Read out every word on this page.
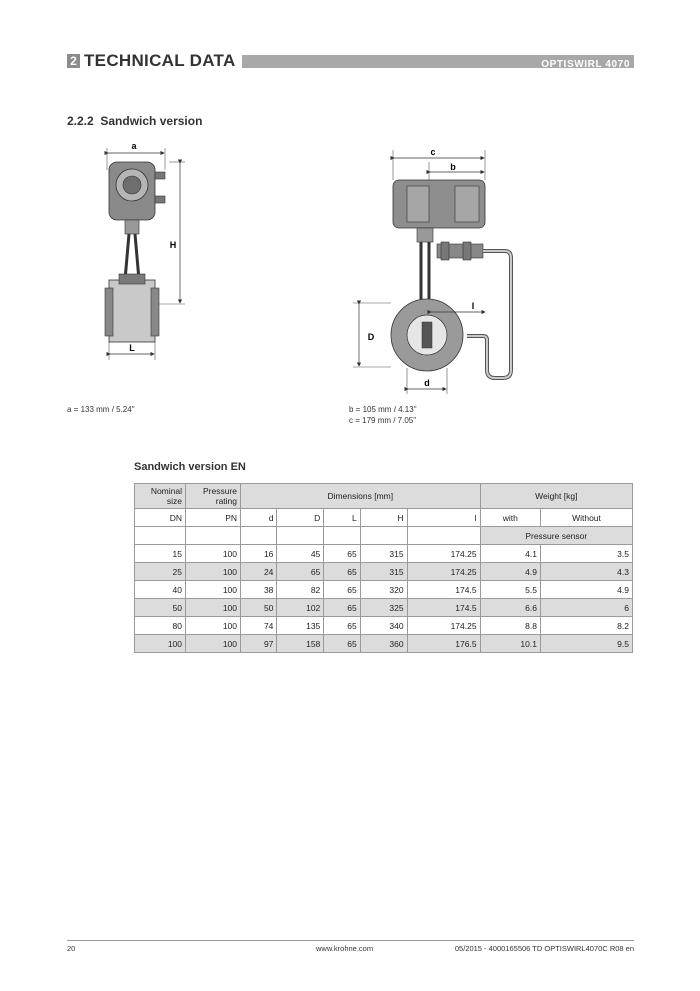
2 TECHNICAL DATA	OPTISWIRL 4070
2.2.2 Sandwich version
a
H
L
c
b
l
D
d
a = 133 mm / 5.24"	b = 105 mm / 4.13"
c = 179 mm / 7.05"
Sandwich version EN
Nominal size	Pressure rating	Dimensions [mm]					Weight [kg]	
DN	PN	d	D	L	H	l	with	Without
							Pressure sensor	
15	100	16	45	65	315	174.25	4.1	3.5
25	100	24	65	65	315	174.25	4.9	4.3
40	100	38	82	65	320	174.5	5.5	4.9
50	100	50	102	65	325	174.5	6.6	6
80	100	74	135	65	340	174.25	8.8	8.2
100	100	97	158	65	360	176.5	10.1	9.5
20	www.krohne.com	05/2015 - 4000165506 TD OPTISWIRL4070C R08 en
